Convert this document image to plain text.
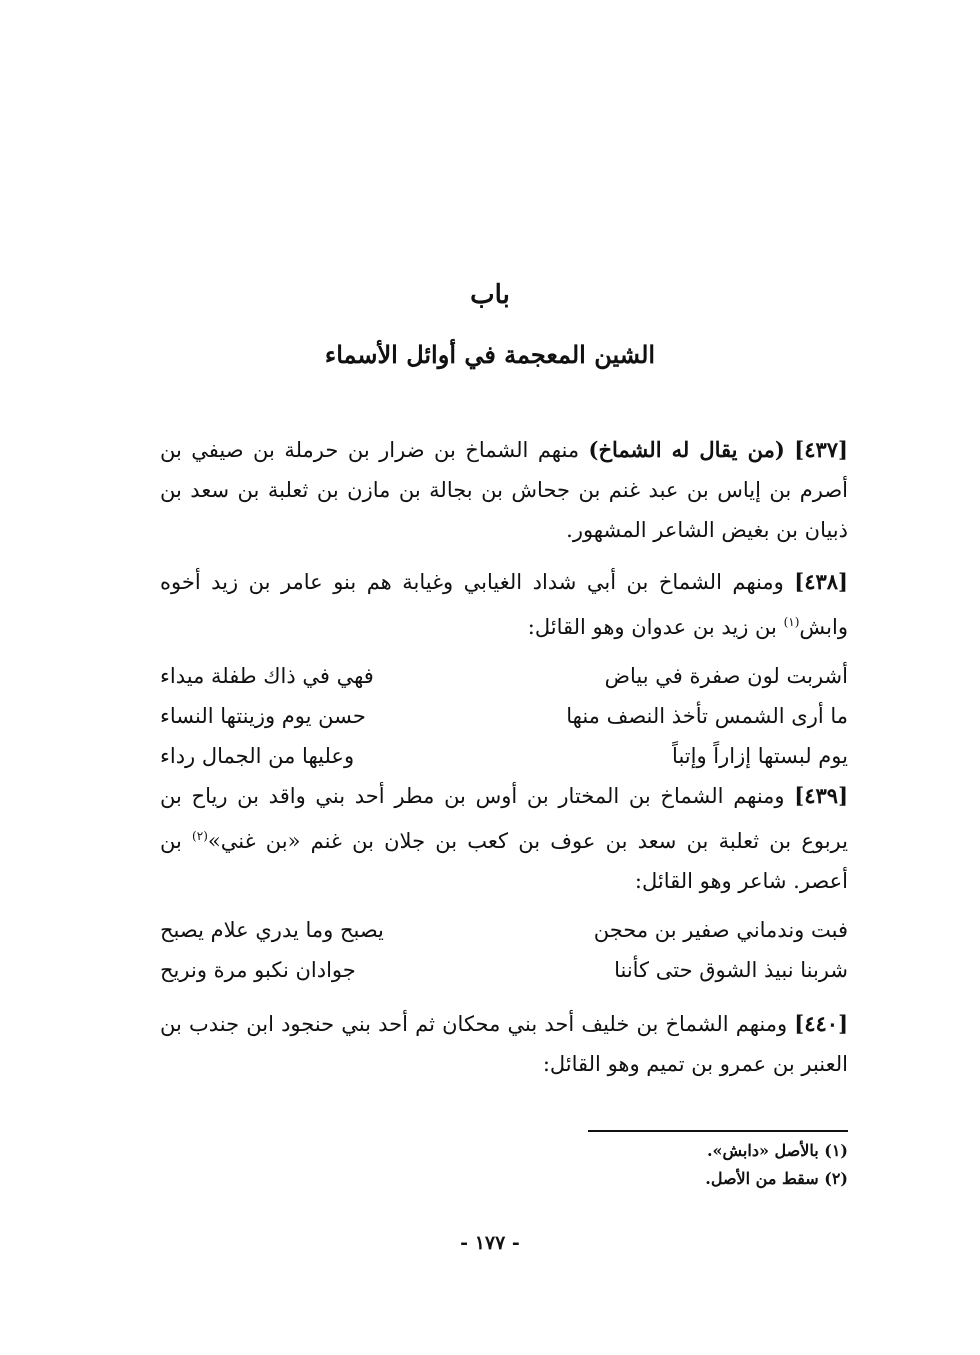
باب
الشين المعجمة في أوائل الأسماء
[٤٣٧] (من يقال له الشماخ) منهم الشماخ بن ضرار بن حرملة بن صيفي بن أصرم بن إياس بن عبد غنم بن جحاش بن بجالة بن مازن بن ثعلبة بن سعد بن ذبيان بن بغيض الشاعر المشهور.
[٤٣٨] ومنهم الشماخ بن أبي شداد الغيابي وغيابة هم بنو عامر بن زيد أخوه وابش$^{(١)}$ بن زيد بن عدوان وهو القائل:
أشربت لون صفرة في بياض
فهي في ذاك طفلة ميداء
ما أرى الشمس تأخذ النصف منها
حسن يوم وزينتها النساء
يوم لبستها إزاراً وإتباً
وعليها من الجمال رداء
[٤٣٩] ومنهم الشماخ بن المختار بن أوس بن مطر أحد بني واقد بن رياح بن يربوع بن ثعلبة بن سعد بن عوف بن كعب بن جلان بن غنم «بن غني»$^{(٢)}$ بن أعصر. شاعر وهو القائل:
فبت وندماني صفير بن محجن
يصبح وما يدري علام يصبح
شربنا نبيذ الشوق حتى كأننا
جوادان نكبو مرة ونريح
[٤٤٠] ومنهم الشماخ بن خليف أحد بني محكان ثم أحد بني حنجود ابن جندب بن العنبر بن عمرو بن تميم وهو القائل:
(١) بالأصل «دابش».
(٢) سقط من الأصل.
- ١٧٧ -
